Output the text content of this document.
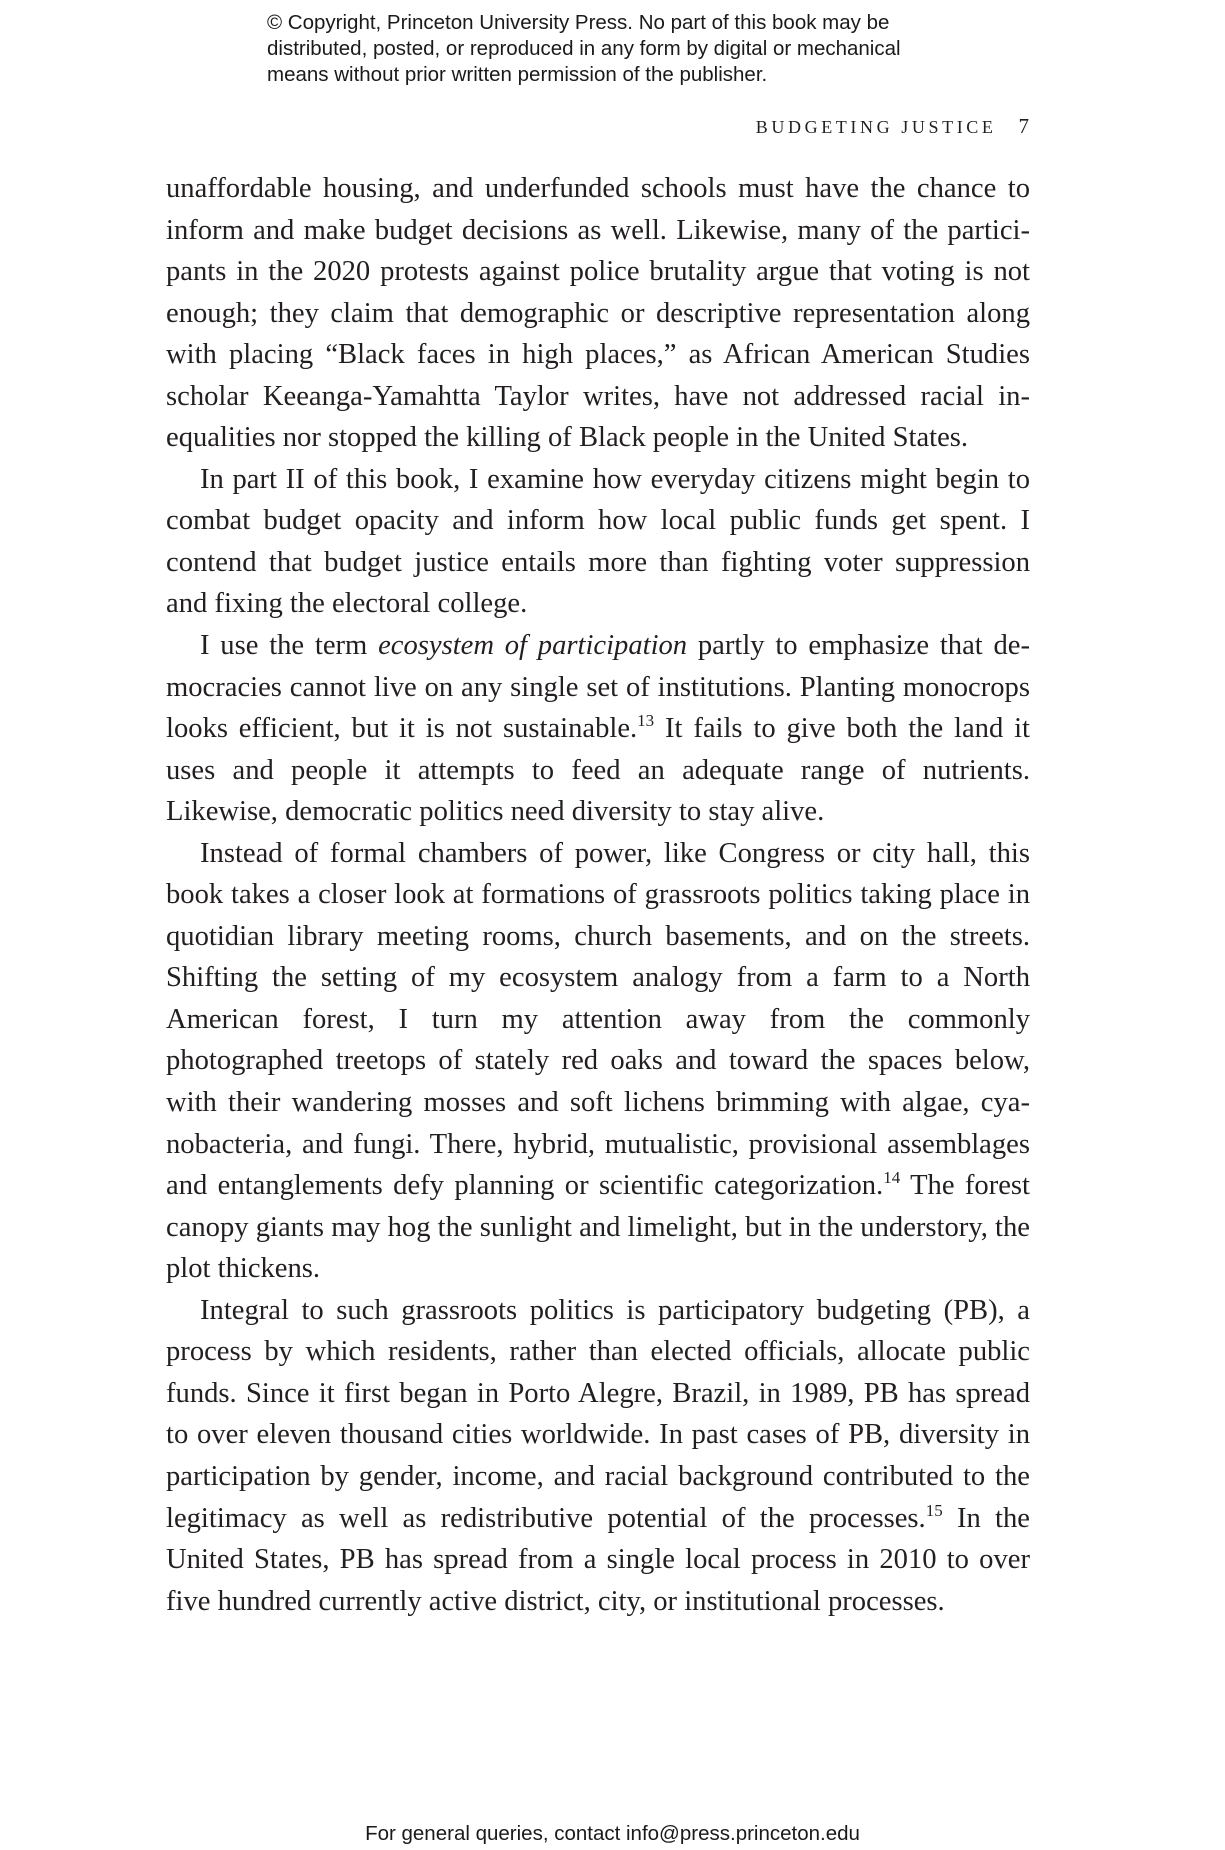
© Copyright, Princeton University Press. No part of this book may be
distributed, posted, or reproduced in any form by digital or mechanical
means without prior written permission of the publisher.
BUDGETING JUSTICE 7

unaffordable housing, and underfunded schools must have the chance to inform and make budget decisions as well. Likewise, many of the participants in the 2020 protests against police brutality argue that voting is not enough; they claim that demographic or descriptive representation along with placing “Black faces in high places,” as African American Studies scholar Keeanga-Yamahtta Taylor writes, have not addressed racial inequalities nor stopped the killing of Black people in the United States.

In part II of this book, I examine how everyday citizens might begin to combat budget opacity and inform how local public funds get spent. I contend that budget justice entails more than fighting voter suppression and fixing the electoral college.

I use the term ecosystem of participation partly to emphasize that democracies cannot live on any single set of institutions. Planting monocrops looks efficient, but it is not sustainable.$^{13}$ It fails to give both the land it uses and people it attempts to feed an adequate range of nutrients. Likewise, democratic politics need diversity to stay alive.

Instead of formal chambers of power, like Congress or city hall, this book takes a closer look at formations of grassroots politics taking place in quotidian library meeting rooms, church basements, and on the streets. Shifting the setting of my ecosystem analogy from a farm to a North American forest, I turn my attention away from the commonly photographed treetops of stately red oaks and toward the spaces below, with their wandering mosses and soft lichens brimming with algae, cyanobacteria, and fungi. There, hybrid, mutualistic, provisional assemblages and entanglements defy planning or scientific categorization.$^{14}$ The forest canopy giants may hog the sunlight and limelight, but in the understory, the plot thickens.

Integral to such grassroots politics is participatory budgeting (PB), a process by which residents, rather than elected officials, allocate public funds. Since it first began in Porto Alegre, Brazil, in 1989, PB has spread to over eleven thousand cities worldwide. In past cases of PB, diversity in participation by gender, income, and racial background contributed to the legitimacy as well as redistributive potential of the processes.$^{15}$ In the United States, PB has spread from a single local process in 2010 to over five hundred currently active district, city, or institutional processes.

For general queries, contact info@press.princeton.edu
